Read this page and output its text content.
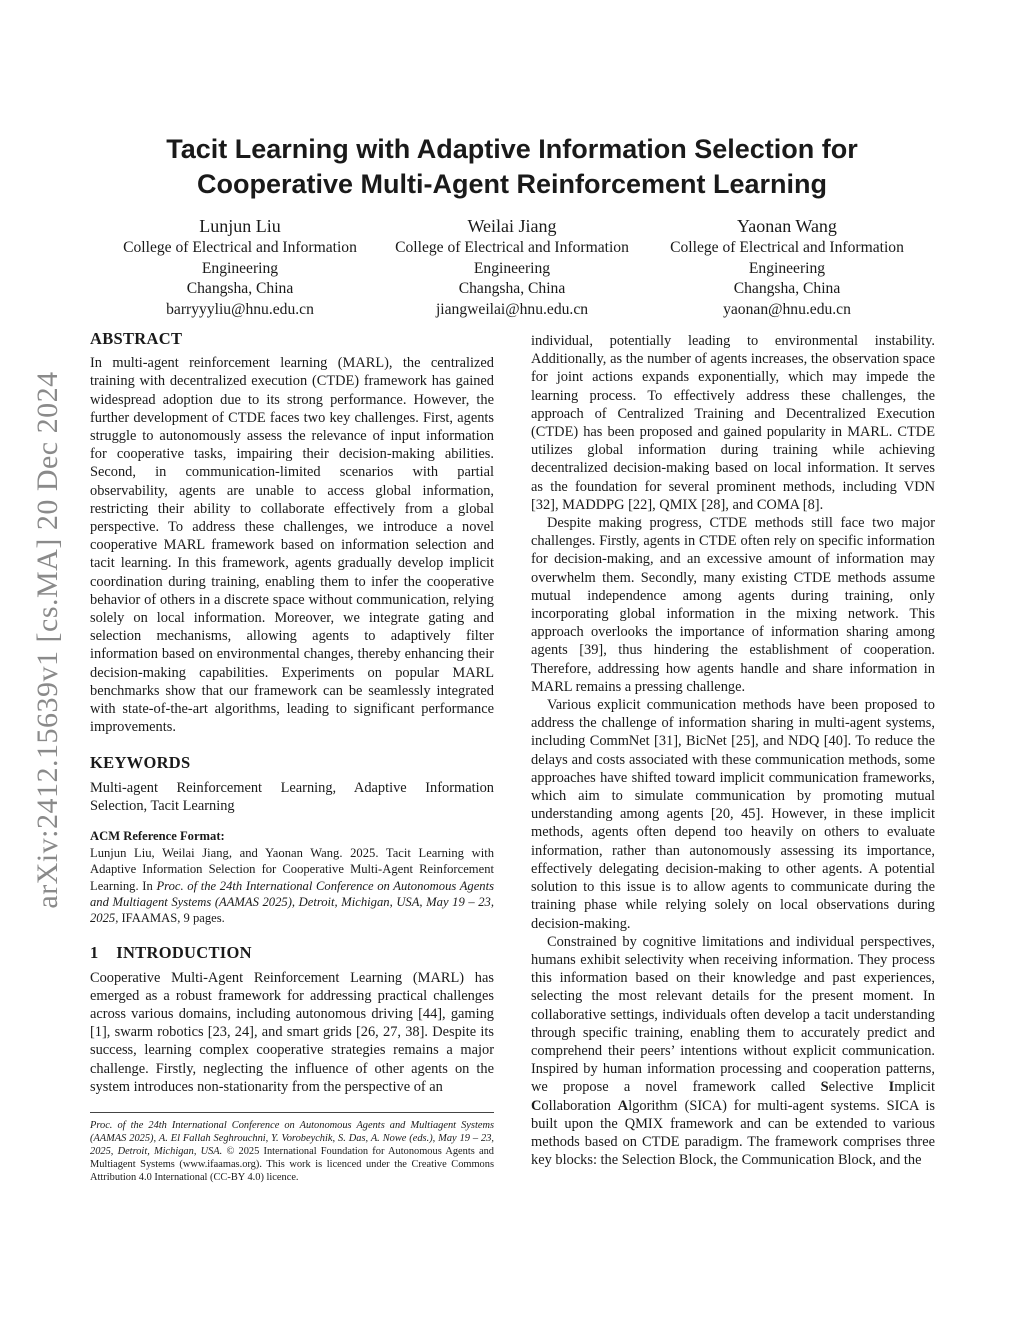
arXiv:2412.15639v1 [cs.MA] 20 Dec 2024
Tacit Learning with Adaptive Information Selection for
Cooperative Multi-Agent Reinforcement Learning
Lunjun Liu
College of Electrical and Information
Engineering
Changsha, China
barryyyliu@hnu.edu.cn
Weilai Jiang
College of Electrical and Information
Engineering
Changsha, China
jiangweilai@hnu.edu.cn
Yaonan Wang
College of Electrical and Information
Engineering
Changsha, China
yaonan@hnu.edu.cn
ABSTRACT

In multi-agent reinforcement learning (MARL), the centralized training with decentralized execution (CTDE) framework has gained widespread adoption due to its strong performance. However, the further development of CTDE faces two key challenges. First, agents struggle to autonomously assess the relevance of input information for cooperative tasks, impairing their decision-making abilities. Second, in communication-limited scenarios with partial observability, agents are unable to access global information, restricting their ability to collaborate effectively from a global perspective. To address these challenges, we introduce a novel cooperative MARL framework based on information selection and tacit learning. In this framework, agents gradually develop implicit coordination during training, enabling them to infer the cooperative behavior of others in a discrete space without communication, relying solely on local information. Moreover, we integrate gating and selection mechanisms, allowing agents to adaptively filter information based on environmental changes, thereby enhancing their decision-making capabilities. Experiments on popular MARL benchmarks show that our framework can be seamlessly integrated with state-of-the-art algorithms, leading to significant performance improvements.

KEYWORDS

Multi-agent Reinforcement Learning, Adaptive Information Selection, Tacit Learning

ACM Reference Format:

Lunjun Liu, Weilai Jiang, and Yaonan Wang. 2025. Tacit Learning with Adaptive Information Selection for Cooperative Multi-Agent Reinforcement Learning. In Proc. of the 24th International Conference on Autonomous Agents and Multiagent Systems (AAMAS 2025), Detroit, Michigan, USA, May 19 – 23, 2025, IFAAMAS, 9 pages.

1    INTRODUCTION

Cooperative Multi-Agent Reinforcement Learning (MARL) has emerged as a robust framework for addressing practical challenges across various domains, including autonomous driving [44], gaming [1], swarm robotics [23, 24], and smart grids [26, 27, 38]. Despite its success, learning complex cooperative strategies remains a major challenge. Firstly, neglecting the influence of other agents on the system introduces non-stationarity from the perspective of an

Proc. of the 24th International Conference on Autonomous Agents and Multiagent Systems (AAMAS 2025), A. El Fallah Seghrouchni, Y. Vorobeychik, S. Das, A. Nowe (eds.), May 19 – 23, 2025, Detroit, Michigan, USA. © 2025 International Foundation for Autonomous Agents and Multiagent Systems (www.ifaamas.org). This work is licenced under the Creative Commons Attribution 4.0 International (CC-BY 4.0) licence.

individual, potentially leading to environmental instability. Additionally, as the number of agents increases, the observation space for joint actions expands exponentially, which may impede the learning process. To effectively address these challenges, the approach of Centralized Training and Decentralized Execution (CTDE) has been proposed and gained popularity in MARL. CTDE utilizes global information during training while achieving decentralized decision-making based on local information. It serves as the foundation for several prominent methods, including VDN [32], MADDPG [22], QMIX [28], and COMA [8].

Despite making progress, CTDE methods still face two major challenges. Firstly, agents in CTDE often rely on specific information for decision-making, and an excessive amount of information may overwhelm them. Secondly, many existing CTDE methods assume mutual independence among agents during training, only incorporating global information in the mixing network. This approach overlooks the importance of information sharing among agents [39], thus hindering the establishment of cooperation. Therefore, addressing how agents handle and share information in MARL remains a pressing challenge.

Various explicit communication methods have been proposed to address the challenge of information sharing in multi-agent systems, including CommNet [31], BicNet [25], and NDQ [40]. To reduce the delays and costs associated with these communication methods, some approaches have shifted toward implicit communication frameworks, which aim to simulate communication by promoting mutual understanding among agents [20, 45]. However, in these implicit methods, agents often depend too heavily on others to evaluate information, rather than autonomously assessing its importance, effectively delegating decision-making to other agents. A potential solution to this issue is to allow agents to communicate during the training phase while relying solely on local observations during decision-making.

Constrained by cognitive limitations and individual perspectives, humans exhibit selectivity when receiving information. They process this information based on their knowledge and past experiences, selecting the most relevant details for the present moment. In collaborative settings, individuals often develop a tacit understanding through specific training, enabling them to accurately predict and comprehend their peers’ intentions without explicit communication. Inspired by human information processing and cooperation patterns, we propose a novel framework called Selective Implicit Collaboration Algorithm (SICA) for multi-agent systems. SICA is built upon the QMIX framework and can be extended to various methods based on CTDE paradigm. The framework comprises three key blocks: the Selection Block, the Communication Block, and the
